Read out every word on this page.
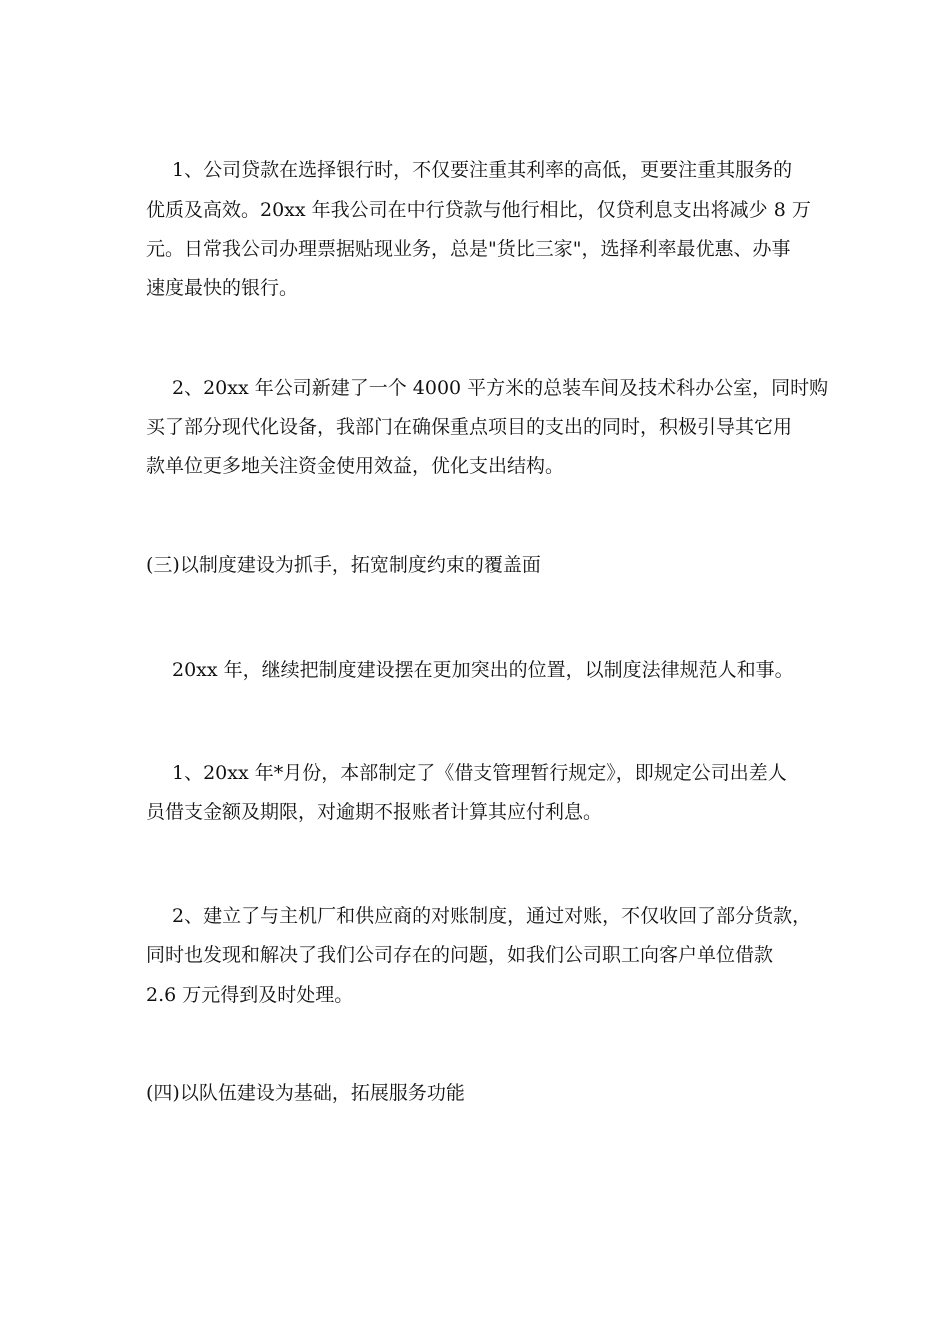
1、公司贷款在选择银行时，不仅要注重其利率的高低，更要注重其服务的

优质及高效。20xx 年我公司在中行贷款与他行相比，仅贷利息支出将减少 8 万

元。日常我公司办理票据贴现业务，总是"货比三家"，选择利率最优惠、办事

速度最快的银行。

2、20xx 年公司新建了一个 4000 平方米的总装车间及技术科办公室，同时购

买了部分现代化设备，我部门在确保重点项目的支出的同时，积极引导其它用

款单位更多地关注资金使用效益，优化支出结构。

(三)以制度建设为抓手，拓宽制度约束的覆盖面

20xx 年，继续把制度建设摆在更加突出的位置，以制度法律规范人和事。

1、20xx 年*月份，本部制定了《借支管理暂行规定》，即规定公司出差人

员借支金额及期限，对逾期不报账者计算其应付利息。

2、建立了与主机厂和供应商的对账制度，通过对账，不仅收回了部分货款，

同时也发现和解决了我们公司存在的问题，如我们公司职工向客户单位借款

2.6 万元得到及时处理。

(四)以队伍建设为基础，拓展服务功能
